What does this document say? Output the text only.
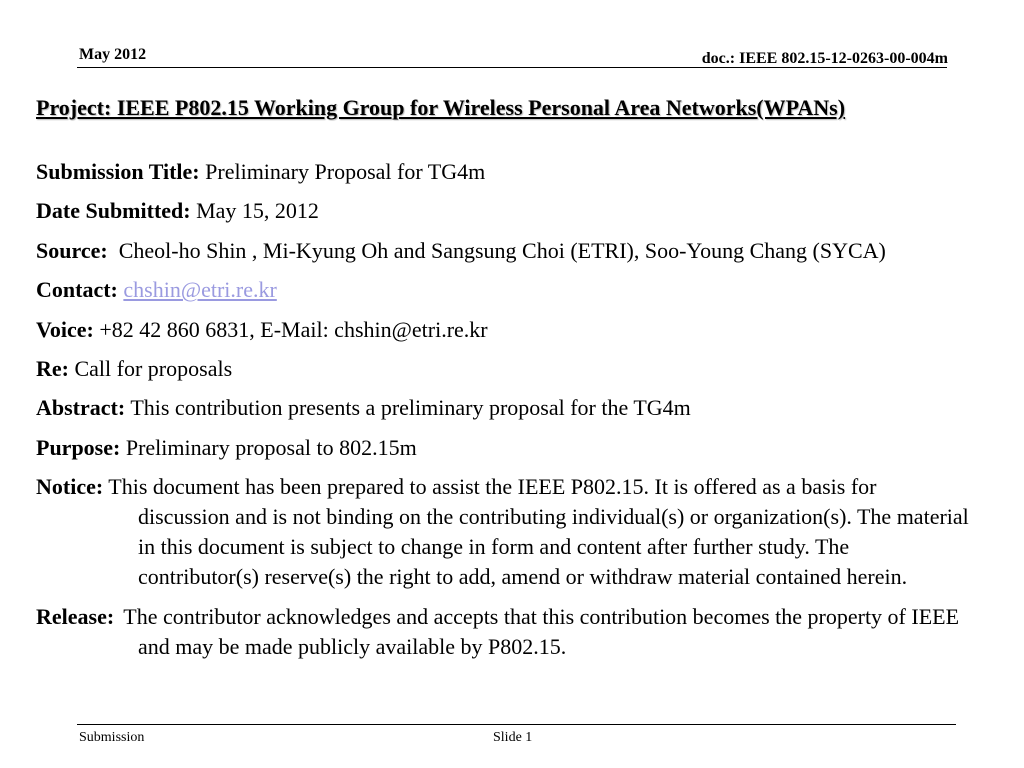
May 2012	doc.: IEEE 802.15-12-0263-00-004m
Project: IEEE P802.15 Working Group for Wireless Personal Area Networks(WPANs)
Submission Title: Preliminary Proposal for TG4m
Date Submitted: May 15, 2012
Source: Cheol-ho Shin , Mi-Kyung Oh and Sangsung Choi (ETRI), Soo-Young Chang (SYCA)
Contact: chshin@etri.re.kr
Voice: +82 42 860 6831, E-Mail: chshin@etri.re.kr
Re: Call for proposals
Abstract: This contribution presents a preliminary proposal for the TG4m
Purpose: Preliminary proposal to 802.15m
Notice: This document has been prepared to assist the IEEE P802.15. It is offered as a basis for discussion and is not binding on the contributing individual(s) or organization(s). The material in this document is subject to change in form and content after further study. The contributor(s) reserve(s) the right to add, amend or withdraw material contained herein.
Release: The contributor acknowledges and accepts that this contribution becomes the property of IEEE and may be made publicly available by P802.15.
Submission	Slide 1
